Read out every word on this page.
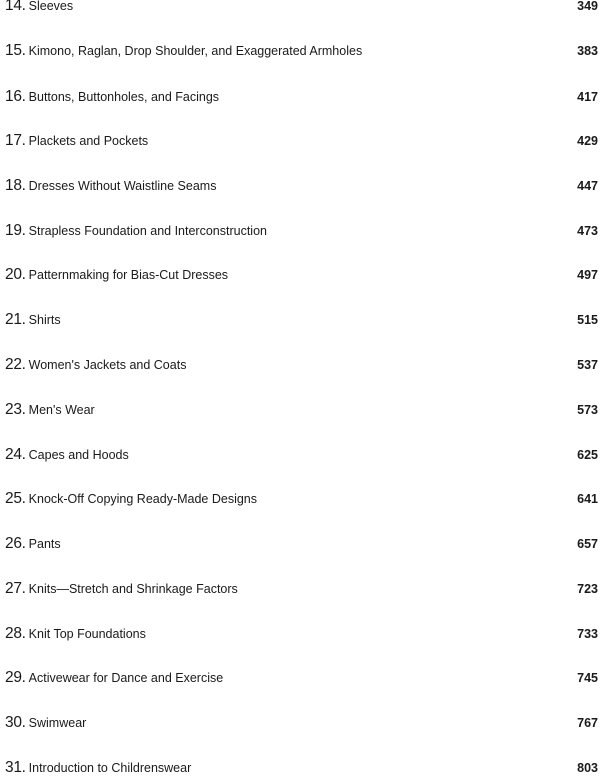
14. Sleeves	349
15. Kimono, Raglan, Drop Shoulder, and Exaggerated Armholes	383
16. Buttons, Buttonholes, and Facings	417
17. Plackets and Pockets	429
18. Dresses Without Waistline Seams	447
19. Strapless Foundation and Interconstruction	473
20. Patternmaking for Bias-Cut Dresses	497
21. Shirts	515
22. Women's Jackets and Coats	537
23. Men's Wear	573
24. Capes and Hoods	625
25. Knock-Off Copying Ready-Made Designs	641
26. Pants	657
27. Knits—Stretch and Shrinkage Factors	723
28. Knit Top Foundations	733
29. Activewear for Dance and Exercise	745
30. Swimwear	767
31. Introduction to Childrenswear	803
